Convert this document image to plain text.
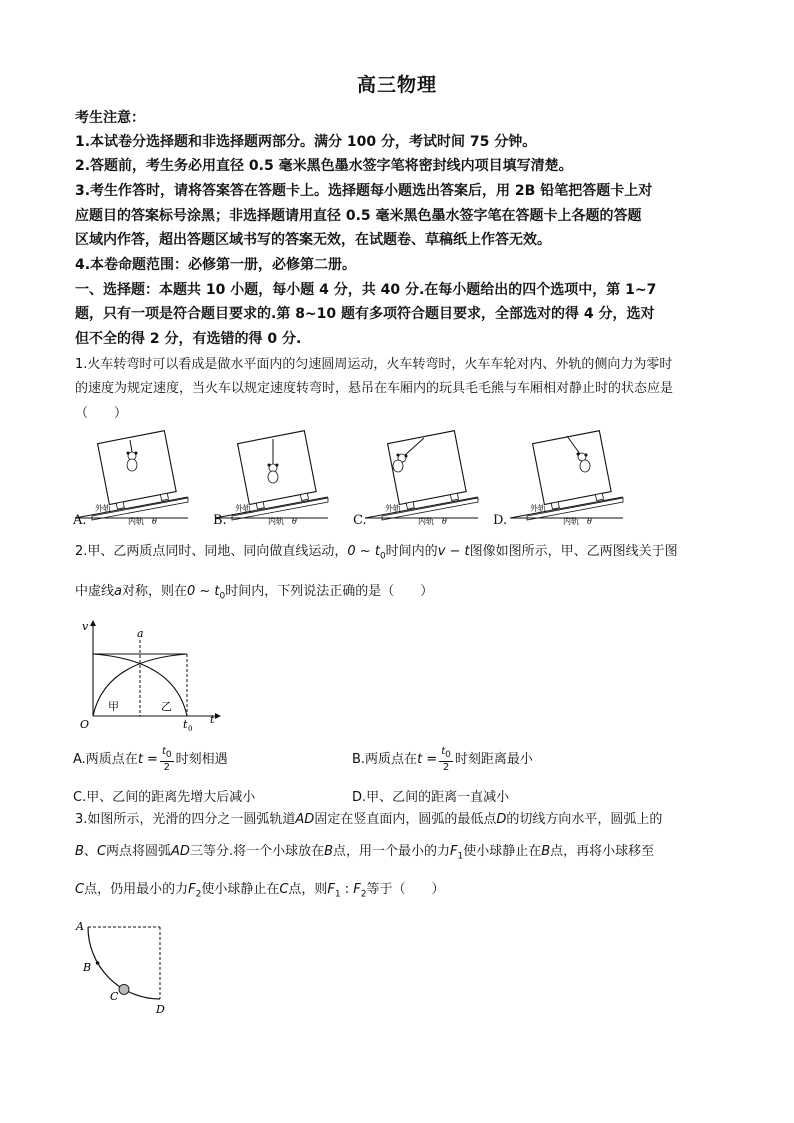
高三物理
考生注意：
1.本试卷分选择题和非选择题两部分。满分 100 分，考试时间 75 分钟。
2.答题前，考生务必用直径 0.5 毫米黑色墨水签字笔将密封线内项目填写清楚。
3.考生作答时，请将答案答在答题卡上。选择题每小题选出答案后，用 2B 铅笔把答题卡上对
应题目的答案标号涂黑；非选择题请用直径 0.5 毫米黑色墨水签字笔在答题卡上各题的答题
区域内作答，超出答题区域书写的答案无效，在试题卷、草稿纸上作答无效。
4.本卷命题范围：必修第一册，必修第二册。
一、选择题：本题共 10 小题，每小题 4 分，共 40 分.在每小题给出的四个选项中，第 1~7
题，只有一项是符合题目要求的.第 8~10 题有多项符合题目要求，全部选对的得 4 分，选对
但不全的得 2 分，有选错的得 0 分.
1.火车转弯时可以看成是做水平面内的匀速圆周运动，火车转弯时，火车车轮对内、外轨的侧向力为零时
的速度为规定速度，当火车以规定速度转弯时，悬吊在车厢内的玩具毛毛熊与车厢相对静止时的状态应是
（　　）
外轨
内轨 θ
外轨
内轨 θ
外轨
内轨 θ
外轨
内轨 θ
A.	B.	C.	D.
2.甲、乙两质点同时、同地、同向做直线运动，0 ~ $t_0$时间内的v − t图像如图所示，甲、乙两图线关于图
中虚线a对称，则在0 ~ $t_0$时间内，下列说法正确的是（　　）
v
a
O
甲	乙
t 0
t
A.两质点在$t = \frac{t_0}{2}$ 时刻相遇	B.两质点在$t = \frac{t_0}{2}$ 时刻距离最小
C.甲、乙间的距离先增大后减小	D.甲、乙间的距离一直减小
3.如图所示，光滑的四分之一圆弧轨道AD固定在竖直面内，圆弧的最低点D的切线方向水平，圆弧上的
B、C两点将圆弧AD三等分.将一个小球放在B点，用一个最小的力$F_1$使小球静止在B点，再将小球移至
C点，仍用最小的力$F_2$使小球静止在C点，则$F_1$ : $F_2$等于（　　）
A
B
C
D
